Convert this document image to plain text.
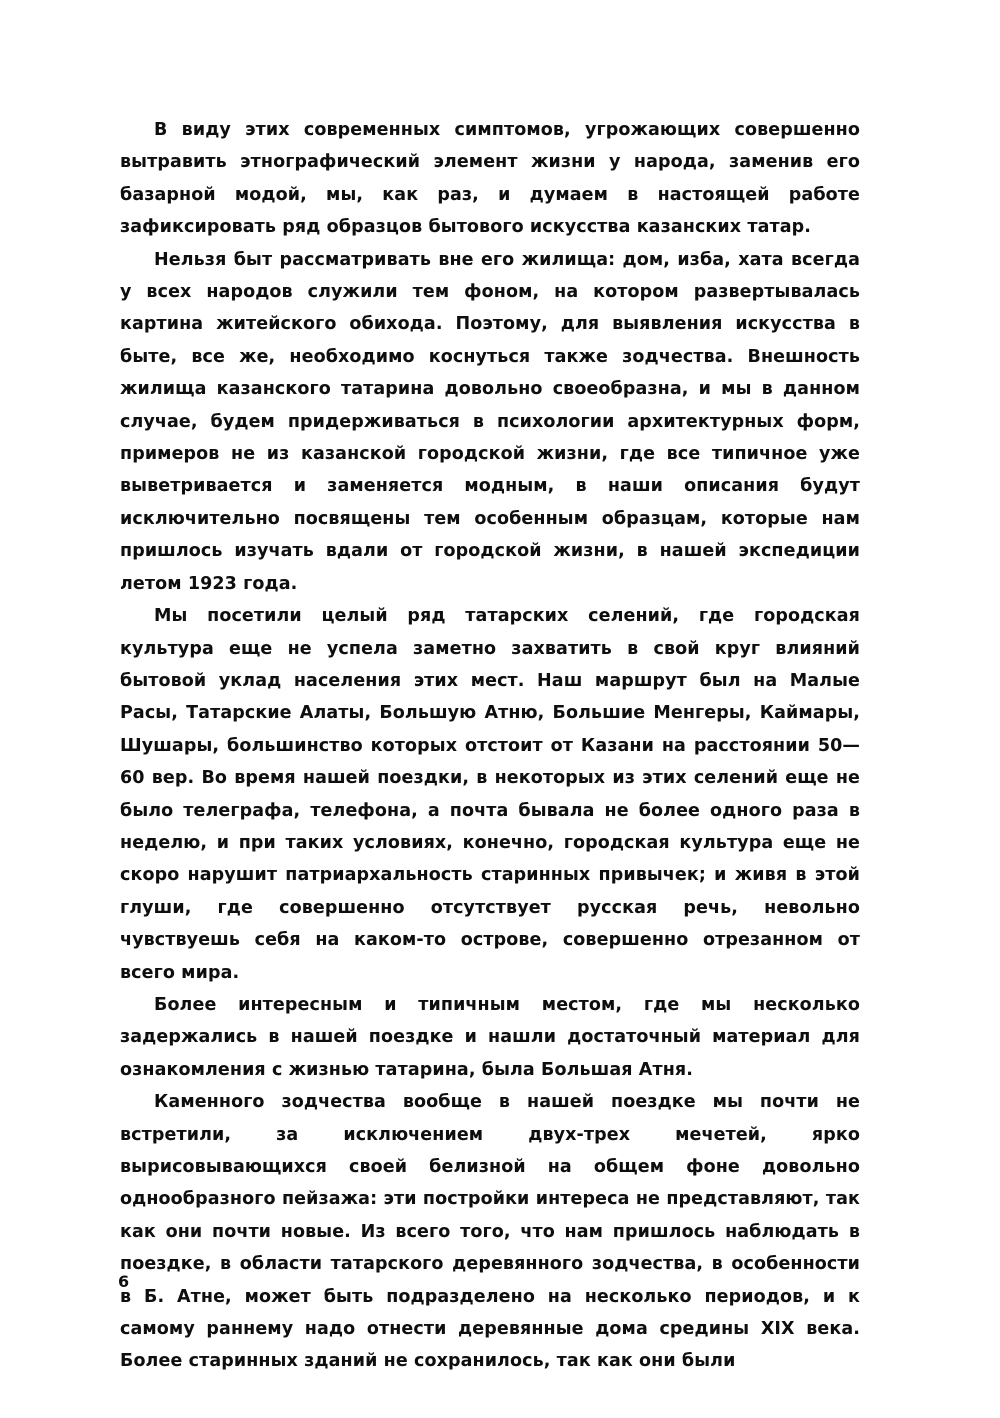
В виду этих современных симптомов, угрожающих совершенно вытравить этнографический элемент жизни у народа, заменив его базарной модой, мы, как раз, и думаем в настоящей работе зафиксировать ряд образцов бытового искусства казанских татар.

Нельзя быт рассматривать вне его жилища: дом, изба, хата всегда у всех народов служили тем фоном, на котором развертывалась картина житейского обихода. Поэтому, для выявления искусства в быте, все же, необходимо коснуться также зодчества. Внешность жилища казанского татарина довольно своеобразна, и мы в данном случае, будем придерживаться в психологии архитектурных форм, примеров не из казанской городской жизни, где все типичное уже выветривается и заменяется модным, в наши описания будут исключительно посвящены тем особенным образцам, которые нам пришлось изучать вдали от городской жизни, в нашей экспедиции летом 1923 года.

Мы посетили целый ряд татарских селений, где городская культура еще не успела заметно захватить в свой круг влияний бытовой уклад населения этих мест. Наш маршрут был на Малые Расы, Татарские Алаты, Большую Атню, Большие Менгеры, Кaймары, Шушары, большинство которых отстоит от Казани на расстоянии 50—60 вер. Во время нашей поездки, в некоторых из этих селений еще не было телеграфа, телефона, а почта бывала не более одного раза в неделю, и при таких условиях, конечно, городская культура еще не скоро нарушит патриархальность старинных привычек; и живя в этой глуши, где совершенно отсутствует русская речь, невольно чувствуешь себя на каком-то острове, совершенно отрезанном от всего мира.

Более интересным и типичным местом, где мы несколько задержались в нашей поездке и нашли достаточный материал для ознакомления с жизнью татарина, была Большая Атня.

Каменного зодчества вообще в нашей поездке мы почти не встретили, за исключением двух-трех мечетей, ярко вырисовывающихся своей белизной на общем фоне довольно однообразного пейзажа: эти постройки интереса не представляют, так как они почти новые. Из всего того, что нам пришлось наблюдать в поездке, в области татарского деревянного зодчества, в особенности в Б. Атне, может быть подразделено на несколько периодов, и к самому раннему надо отнести деревянные дома средины XIX века. Более старинных зданий не сохранилось, так как они были

6
